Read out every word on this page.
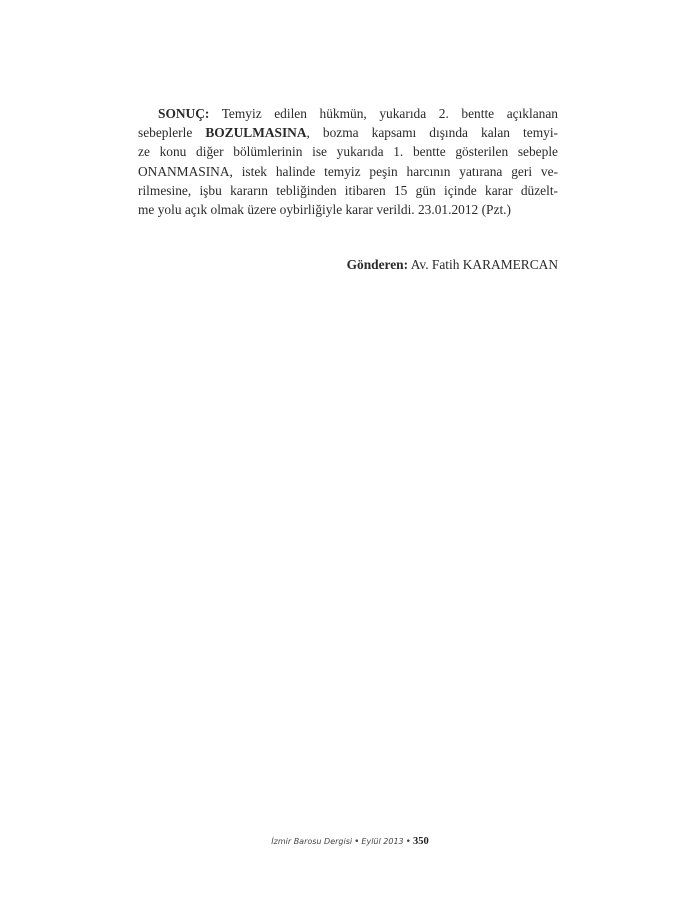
SONUÇ: Temyiz edilen hükmün, yukarıda 2. bentte açıklanan
sebeplerle BOZULMASINA, bozma kapsamı dışında kalan temyi-
ze konu diğer bölümlerinin ise yukarıda 1. bentte gösterilen sebeple
ONANMASINA, istek halinde temyiz peşin harcının yatırana geri ve-
rilmesine, işbu kararın tebliğinden itibaren 15 gün içinde karar düzelt-
me yolu açık olmak üzere oybirliğiyle karar verildi. 23.01.2012 (Pzt.)
Gönderen: Av. Fatih KARAMERCAN
İzmir Barosu Dergisi • Eylül 2013 • 350
